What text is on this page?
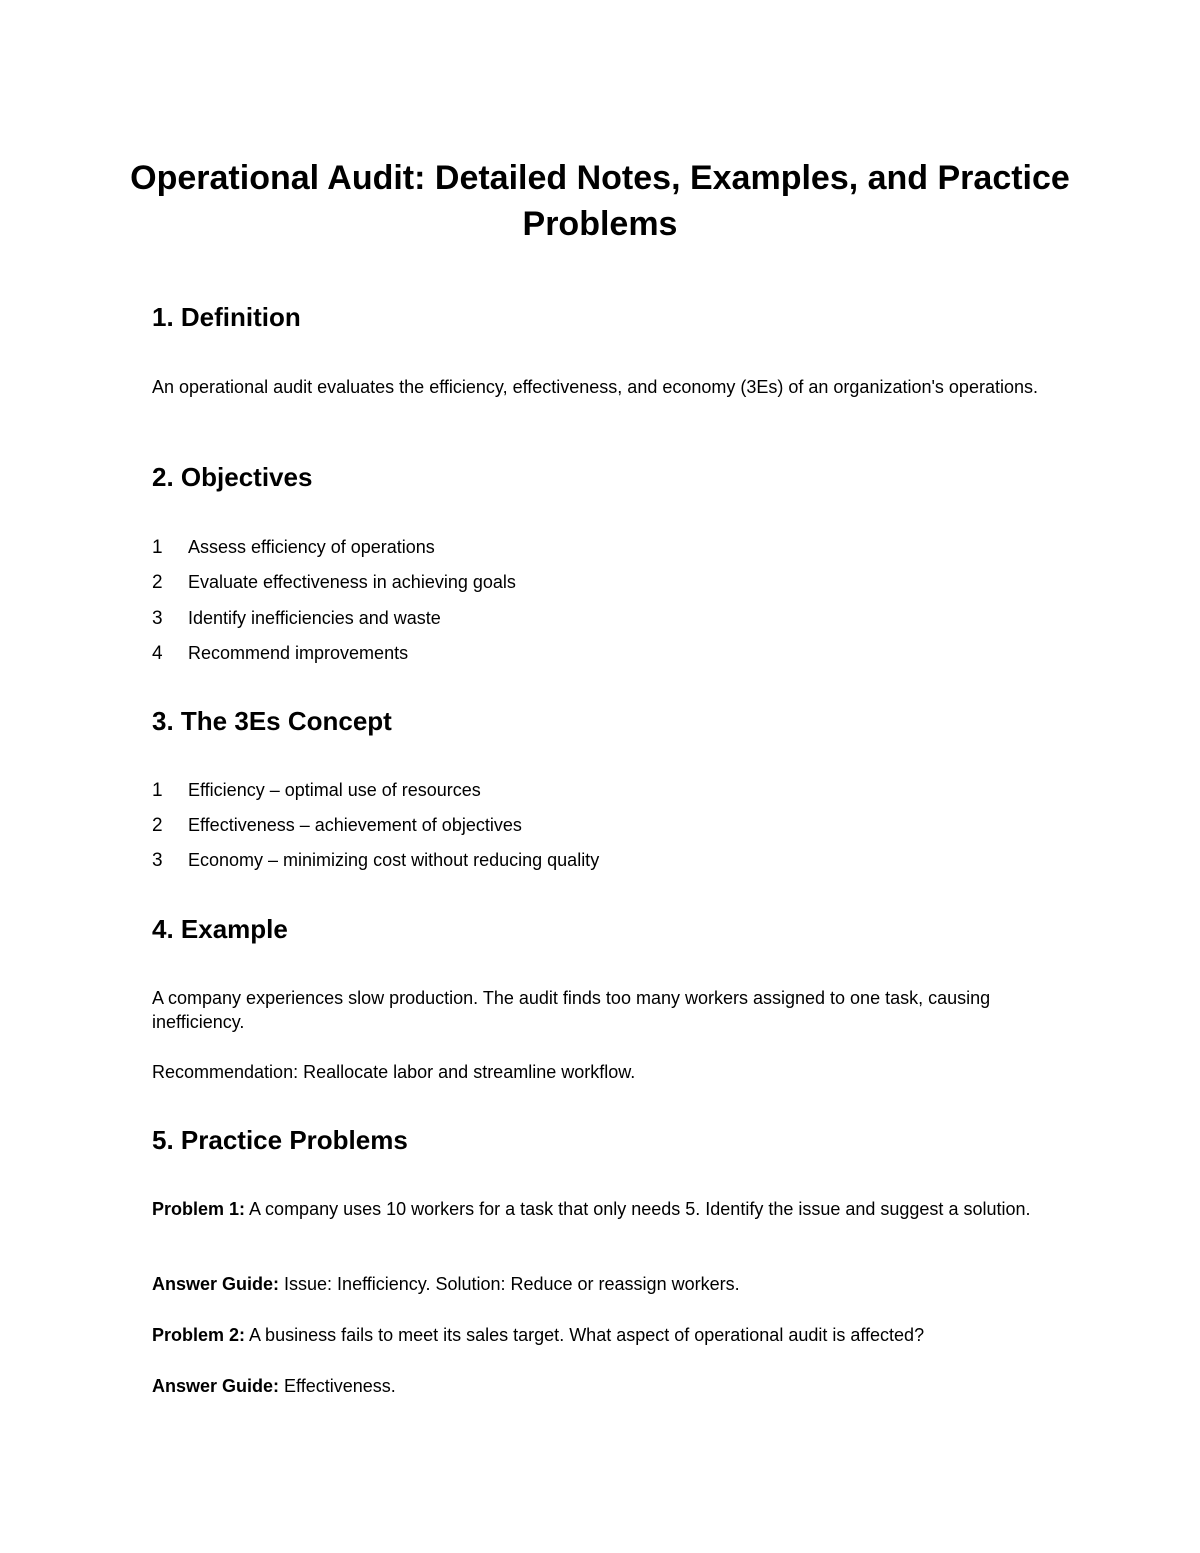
Operational Audit: Detailed Notes, Examples, and Practice Problems
1. Definition

An operational audit evaluates the efficiency, effectiveness, and economy (3Es) of an organization's operations.

2. Objectives
1 Assess efficiency of operations
2 Evaluate effectiveness in achieving goals
3 Identify inefficiencies and waste
4 Recommend improvements
3. The 3Es Concept
1 Efficiency – optimal use of resources
2 Effectiveness – achievement of objectives
3 Economy – minimizing cost without reducing quality
4. Example

A company experiences slow production. The audit finds too many workers assigned to one task, causing inefficiency.

Recommendation: Reallocate labor and streamline workflow.

5. Practice Problems

Problem 1: A company uses 10 workers for a task that only needs 5. Identify the issue and suggest a solution.

Answer Guide: Issue: Inefficiency. Solution: Reduce or reassign workers.

Problem 2: A business fails to meet its sales target. What aspect of operational audit is affected?

Answer Guide: Effectiveness.
